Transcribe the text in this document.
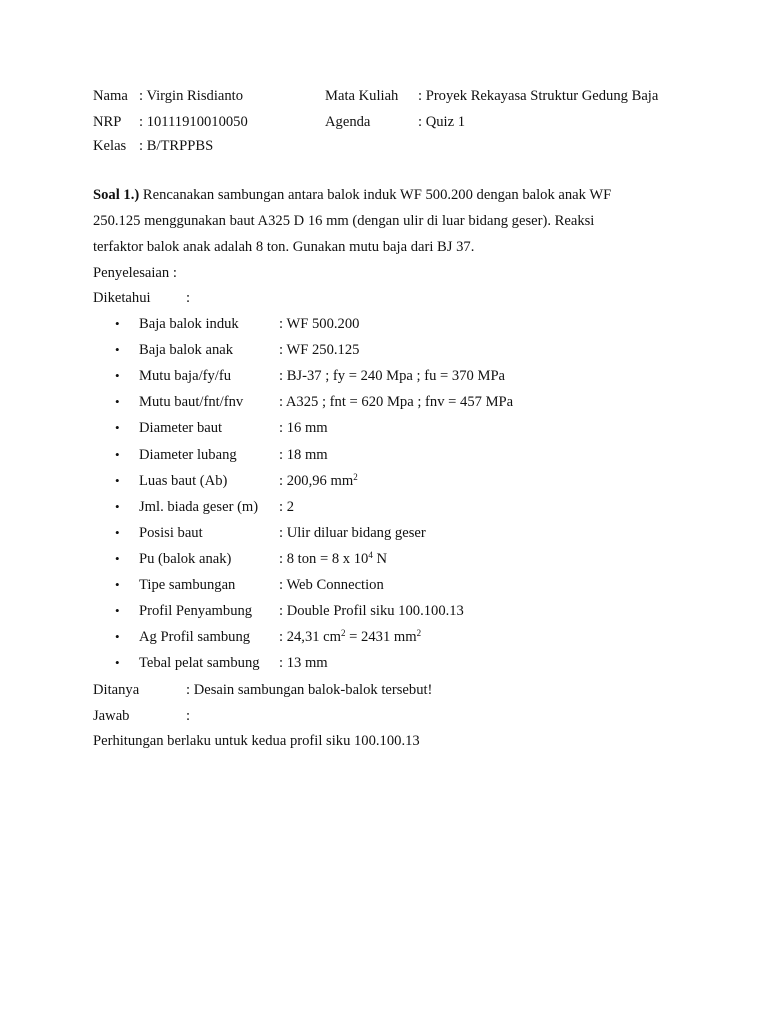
Nama : Virgin Risdianto	Mata Kuliah : Proyek Rekayasa Struktur Gedung Baja
NRP : 10111910010050	Agenda	: Quiz 1
Kelas : B/TRPPBS
Soal 1.) Rencanakan sambungan antara balok induk WF 500.200 dengan balok anak WF
250.125 menggunakan baut A325 D 16 mm (dengan ulir di luar bidang geser). Reaksi
terfaktor balok anak adalah 8 ton. Gunakan mutu baja dari BJ 37.
Penyelesaian :
Diketahui :
• Baja balok induk	: WF 500.200
• Baja balok anak	: WF 250.125
• Mutu baja/fy/fu	: BJ-37 ; fy = 240 Mpa ; fu = 370 MPa
• Mutu baut/fnt/fnv : A325 ; fnt = 620 Mpa ; fnv = 457 MPa
• Diameter baut	: 16 mm
• Diameter lubang	: 18 mm
• Luas baut (Ab)	: 200,96 $mm^2$
• Jml. biada geser (m) : 2
• Posisi baut	: Ulir diluar bidang geser
• Pu (balok anak)	: 8 ton = 8 x $10^4$ N
• Tipe sambungan	: Web Connection
• Profil Penyambung : Double Profil siku 100.100.13
• Ag Profil sambung : 24,31 $cm^2 = 2431$ $mm^2$
• Tebal pelat sambung : 13 mm
Ditanya	: Desain sambungan balok-balok tersebut!
Jawab	:
Perhitungan berlaku untuk kedua profil siku 100.100.13
